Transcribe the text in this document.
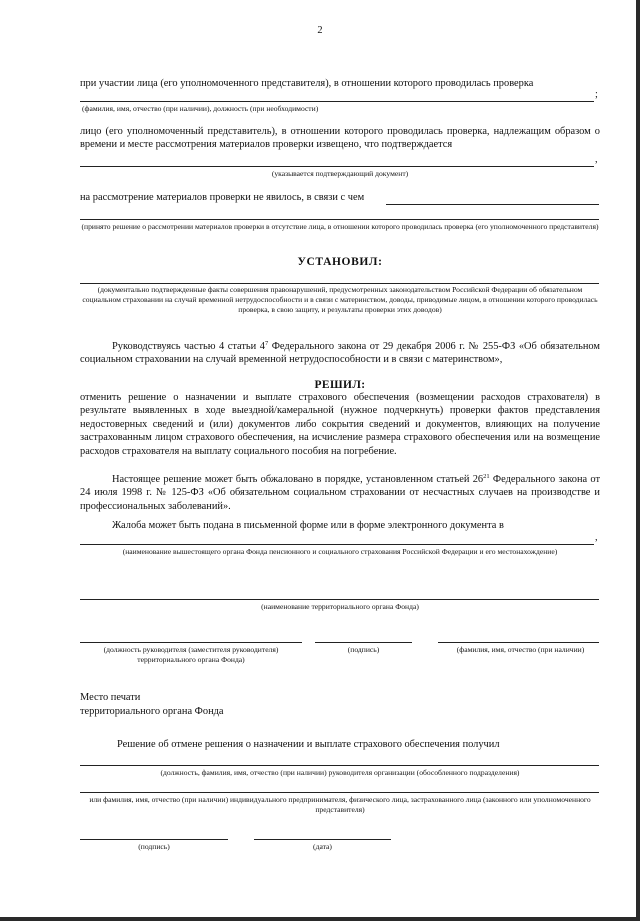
2
при участии лица (его уполномоченного представителя), в отношении которого проводилась проверка
;
(фамилия, имя, отчество (при наличии), должность (при необходимости)
лицо (его уполномоченный представитель), в отношении которого проводилась проверка, надлежащим образом о времени и месте рассмотрения материалов проверки извещено, что подтверждается
,
(указывается подтверждающий документ)
на рассмотрение материалов проверки не явилось, в связи с чем
(принято решение о рассмотрении материалов проверки в отсутствие лица, в отношении которого проводилась проверка (его уполномоченного представителя)
УСТАНОВИЛ:
(документально подтвержденные факты совершения правонарушений, предусмотренных законодательством Российской Федерации об обязательном социальном страховании на случай временной нетрудоспособности и в связи с материнством, доводы, приводимые лицом, в отношении которого проводилась проверка, в свою защиту, и результаты проверки этих доводов)
Руководствуясь частью 4 статьи $4^7$ Федерального закона от 29 декабря 2006 г. № 255-ФЗ «Об обязательном социальном страховании на случай временной нетрудоспособности и в связи с материнством»,
РЕШИЛ:
отменить решение о назначении и выплате страхового обеспечения (возмещении расходов страхователя) в результате выявленных в ходе выездной/камеральной (нужное подчеркнуть) проверки фактов представления недостоверных сведений и (или) документов либо сокрытия сведений и документов, влияющих на получение застрахованным лицом страхового обеспечения, на исчисление размера страхового обеспечения или на возмещение расходов страхователя на выплату социального пособия на погребение.
Настоящее решение может быть обжаловано в порядке, установленном статьей $26^{21}$ Федерального закона от 24 июля 1998 г. № 125-ФЗ «Об обязательном социальном страховании от несчастных случаев на производстве и профессиональных заболеваний».
Жалоба может быть подана в письменной форме или в форме электронного документа в
,
(наименование вышестоящего органа Фонда пенсионного и социального страхования Российской Федерации и его местонахождение)
(наименование территориального органа Фонда)
(должность руководителя (заместителя руководителя) территориального органа Фонда)
(подпись)	(фамилия, имя, отчество (при наличии)
Место печати
территориального органа Фонда
Решение об отмене решения о назначении и выплате страхового обеспечения получил
(должность, фамилия, имя, отчество (при наличии) руководителя организации (обособленного подразделения)
или фамилия, имя, отчество (при наличии) индивидуального предпринимателя, физического лица, застрахованного лица (законного или уполномоченного представителя)
(подпись)	(дата)
